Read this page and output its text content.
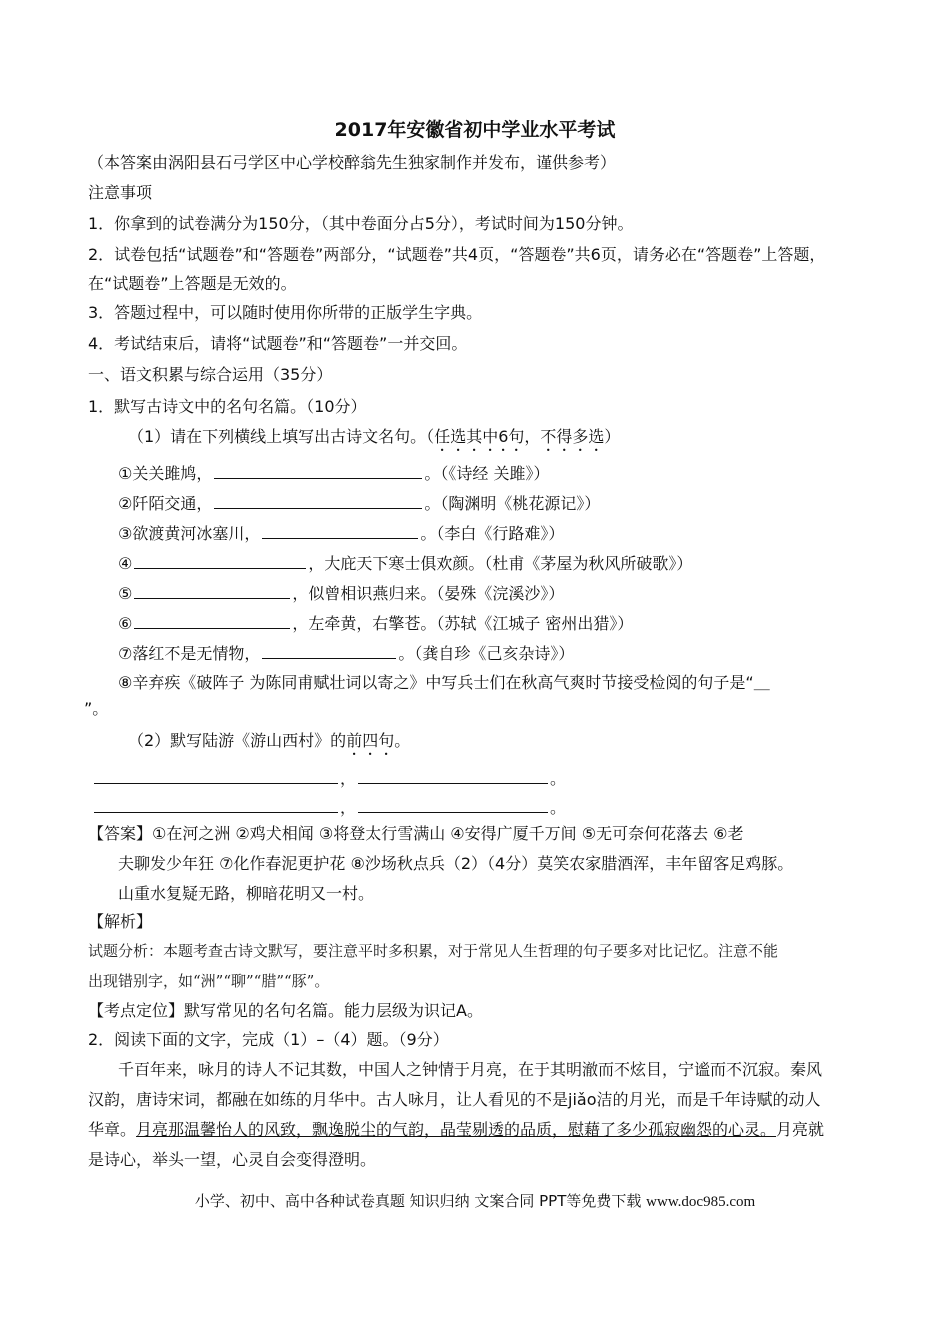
2017年安徽省初中学业水平考试
（本答案由涡阳县石弓学区中心学校醉翁先生独家制作并发布，谨供参考）
注意事项
1．你拿到的试卷满分为150分，（其中卷面分占5分），考试时间为150分钟。
2．试卷包括“试题卷”和“答题卷”两部分，“试题卷”共4页，“答题卷”共6页，请务必在“答题卷”上答题，
在“试题卷”上答题是无效的。
3．答题过程中，可以随时使用你所带的正版学生字典。
4．考试结束后，请将“试题卷”和“答题卷”一并交回。
一、语文积累与综合运用（35分）
1．默写古诗文中的名句名篇。（10分）
（1）请在下列横线上填写出古诗文名句。（任选其中6句，不得多选）
①关关雎鸠，	。（《诗经 关雎》）
②阡陌交通，	。（陶渊明《桃花源记》）
③欲渡黄河冰塞川，	。（李白《行路难》）
④	，大庇天下寒士俱欢颜。（杜甫《茅屋为秋风所破歌》）
⑤	，似曾相识燕归来。（晏殊《浣溪沙》）
⑥	，左牵黄，右擎苍。（苏轼《江城子 密州出猎》）
⑦落红不是无情物，	。（龚自珍《己亥杂诗》）
⑧辛弃疾《破阵子 为陈同甫赋壮词以寄之》中写兵士们在秋高气爽时节接受检阅的句子是“＿
”。
（2）默写陆游《游山西村》的前四句。
，	。
，	。
【答案】①在河之洲 ②鸡犬相闻 ③将登太行雪满山 ④安得广厦千万间 ⑤无可奈何花落去 ⑥老
夫聊发少年狂 ⑦化作春泥更护花 ⑧沙场秋点兵（2）（4分）莫笑农家腊酒浑，丰年留客足鸡豚。
山重水复疑无路，柳暗花明又一村。
【解析】
试题分析：本题考查古诗文默写，要注意平时多积累，对于常见人生哲理的句子要多对比记忆。注意不能
出现错别字，如“洲”“聊”“腊”“豚”。
【考点定位】默写常见的名句名篇。能力层级为识记A。
2．阅读下面的文字，完成（1）–（4）题。（9分）
千百年来，咏月的诗人不记其数，中国人之钟情于月亮，在于其明澈而不炫目，宁谧而不沉寂。秦风
汉韵，唐诗宋词，都融在如练的月华中。古人咏月，让人看见的不是jiǎo洁的月光，而是千年诗赋的动人
华章。月亮那温馨怡人的风致，飘逸脱尘的气韵，晶莹剔透的品质，慰藉了多少孤寂幽怨的心灵。月亮就
是诗心，举头一望，心灵自会变得澄明。
小学、初中、高中各种试卷真题 知识归纳 文案合同 PPT等免费下载 www.doc985.com
